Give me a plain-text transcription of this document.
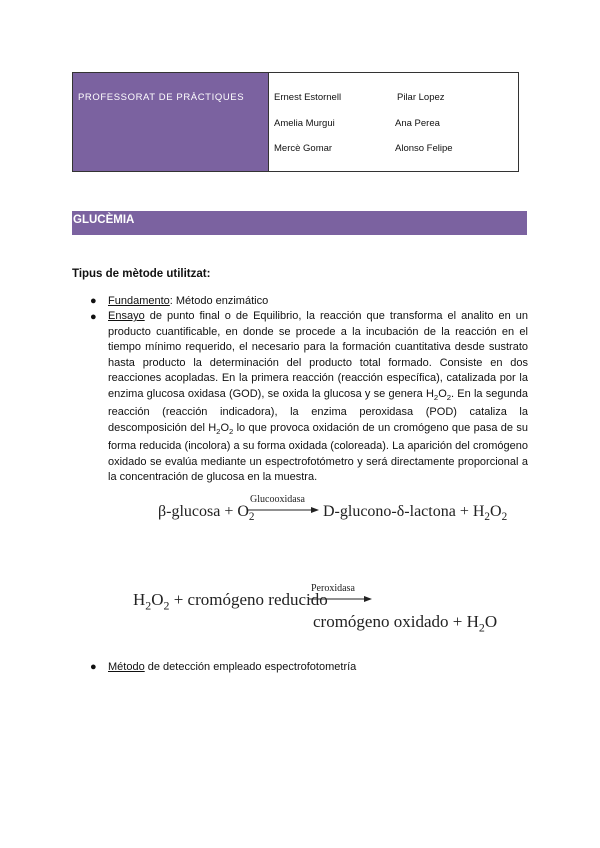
PROFESSORAT DE PRÀCTIQUES	Ernest Estornell	Pilar Lopez
Amelia Murgui	Ana Perea
Mercè Gomar	Alonso Felipe
GLUCÈMIA
Tipus de mètode utilitzat:
● Fundamento: Método enzimático
● Ensayo de punto final o de Equilibrio, la reacción que transforma el analito en un producto cuantificable, en donde se procede a la incubación de la reacción en el tiempo mínimo requerido, el necesario para la formación cuantitativa desde sustrato hasta producto la determinación del producto total formado. Consiste en dos reacciones acopladas. En la primera reacción (reacción específica), catalizada por la enzima glucosa oxidasa (GOD), se oxida la glucosa y se genera $H_2O_2$. En la segunda reacción (reacción indicadora), la enzima peroxidasa (POD) cataliza la descomposición del $H_2O_2$ lo que provoca oxidación de un cromógeno que pasa de su forma reducida (incolora) a su forma oxidada (coloreada). La aparición del cromógeno oxidado se evalúa mediante un espectrofotómetro y será directamente proporcional a la concentración de glucosa en la muestra.
$\beta-glucosa + O_2$
Glucooxidasa
D-glucono-δ-lactona + $H_2O_2$
$H_2O_2$ + cromógeno reducido
Peroxidasa
cromógeno oxidado + $H_2O$
● Método de detección empleado espectrofotometría
